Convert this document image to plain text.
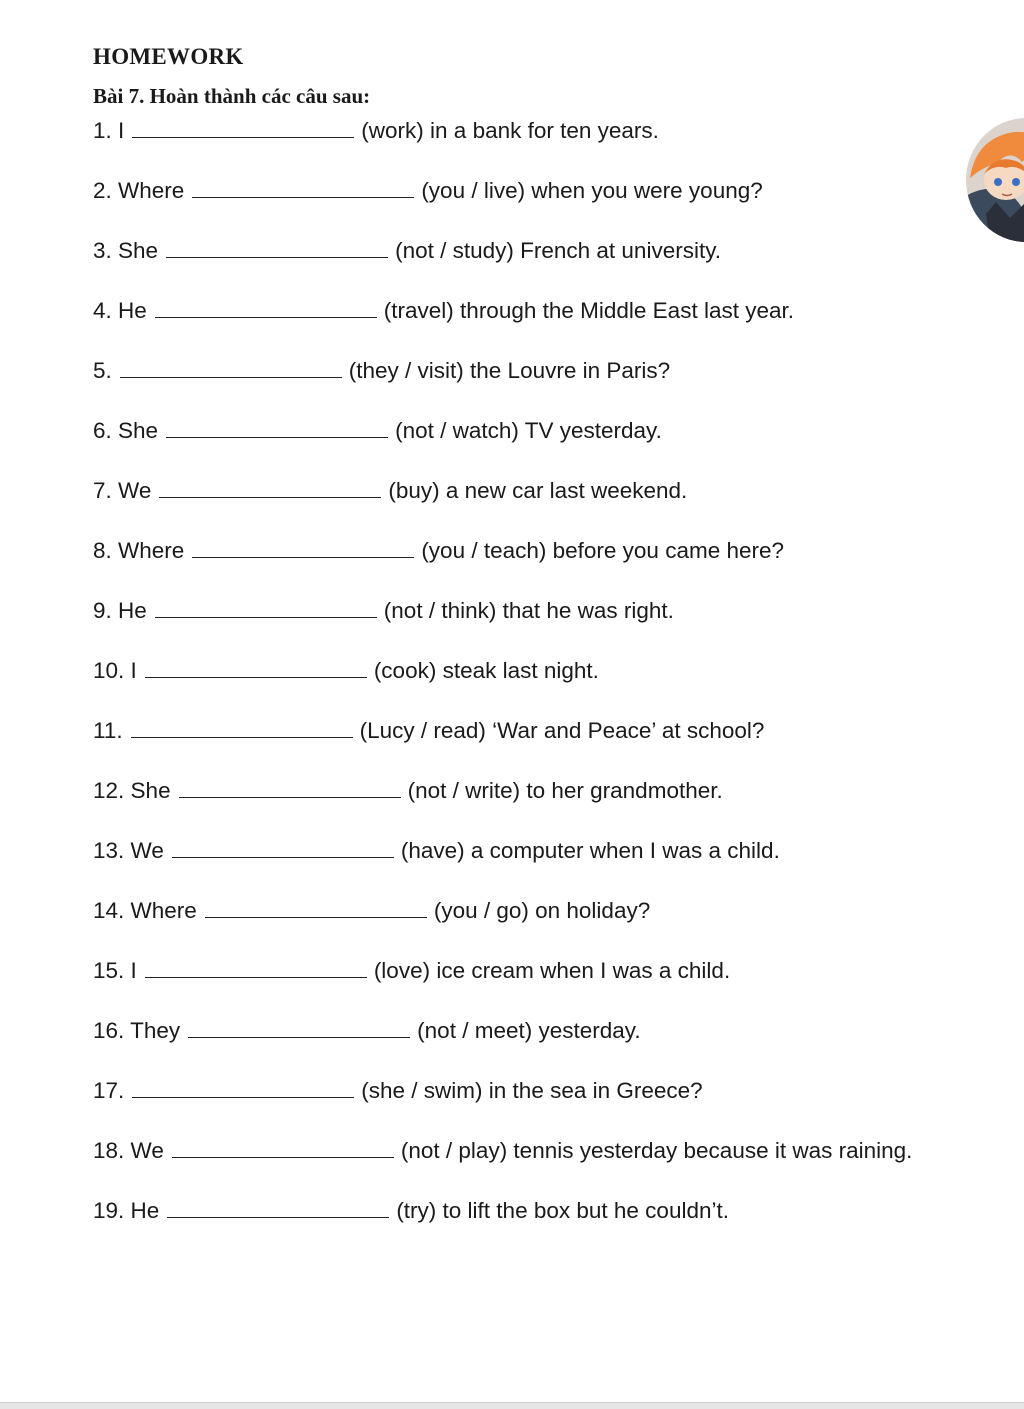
HOMEWORK
Bài 7. Hoàn thành các câu sau:
1. I	(work) in a bank for ten years.
2. Where	(you / live) when you were young?
3. She	(not / study) French at university.
4. He	(travel) through the Middle East last year.
5.	(they / visit) the Louvre in Paris?
6. She	(not / watch) TV yesterday.
7. We	(buy) a new car last weekend.
8. Where	(you / teach) before you came here?
9. He	(not / think) that he was right.
10. I	(cook) steak last night.
11.	(Lucy / read) ‘War and Peace’ at school?
12. She	(not / write) to her grandmother.
13. We	(have) a computer when I was a child.
14. Where	(you / go) on holiday?
15. I	(love) ice cream when I was a child.
16. They	(not / meet) yesterday.
17.	(she / swim) in the sea in Greece?
18. We	(not / play) tennis yesterday because it was raining.
19. He	(try) to lift the box but he couldn’t.
